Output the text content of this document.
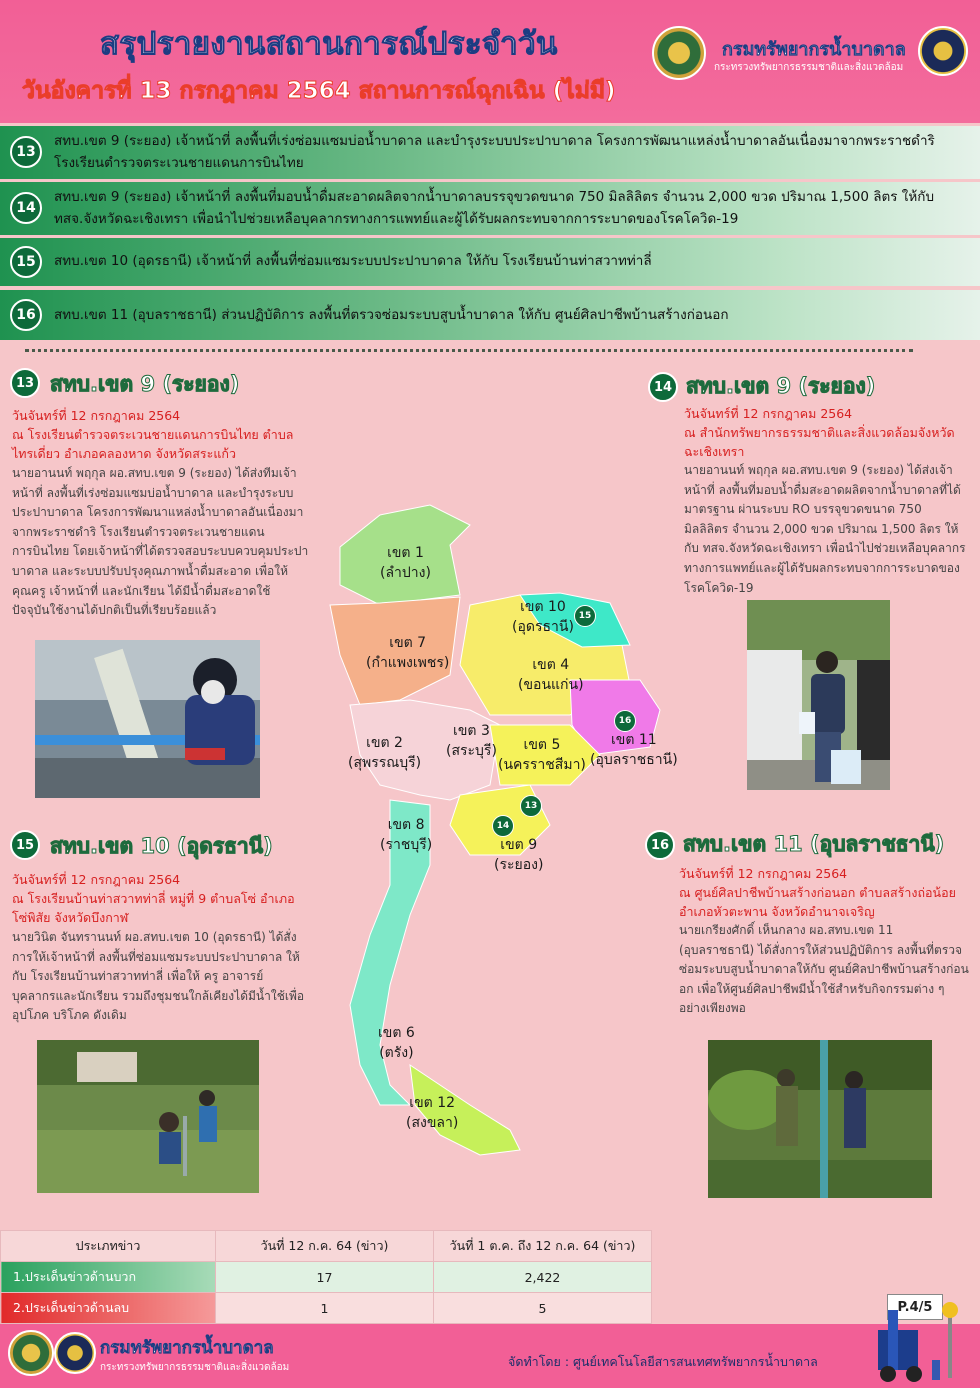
สรุปรายงานสถานการณ์ประจำวัน
วันอังคารที่ 13 กรกฎาคม 2564 สถานการณ์ฉุกเฉิน (ไม่มี)
กรมทรัพยากรน้ำบาดาล
กระทรวงทรัพยากรธรรมชาติและสิ่งแวดล้อม
13
สทบ.เขต 9 (ระยอง) เจ้าหน้าที่ ลงพื้นที่เร่งซ่อมแซมบ่อน้ำบาดาล และบำรุงระบบประปาบาดาล โครงการพัฒนาแหล่งน้ำบาดาลอันเนื่องมาจากพระราชดำริ โรงเรียนตำรวจตระเวนชายแดนการบินไทย
14
สทบ.เขต 9 (ระยอง) เจ้าหน้าที่ ลงพื้นที่มอบน้ำดื่มสะอาดผลิตจากน้ำบาดาลบรรจุขวดขนาด 750 มิลลิลิตร จำนวน 2,000 ขวด ปริมาณ 1,500 ลิตร ให้กับ ทสจ.จังหวัดฉะเชิงเทรา เพื่อนำไปช่วยเหลือบุคลากรทางการแพทย์และผู้ได้รับผลกระทบจากการระบาดของโรคโควิด-19
15	สทบ.เขต 10 (อุดรธานี) เจ้าหน้าที่ ลงพื้นที่ซ่อมแซมระบบประปาบาดาล ให้กับ โรงเรียนบ้านท่าสวาทท่าลี่
16	สทบ.เขต 11 (อุบลราชธานี) ส่วนปฏิบัติการ ลงพื้นที่ตรวจซ่อมระบบสูบน้ำบาดาล ให้กับ ศูนย์ศิลปาชีพบ้านสร้างก่อนอก
13 สทบ.เขต 9 (ระยอง)
วันจันทร์ที่ 12 กรกฎาคม 2564
ณ โรงเรียนตำรวจตระเวนชายแดนการบินไทย ตำบลไทรเดี่ยว อำเภอคลองหาด จังหวัดสระแก้ว
นายอานนท์ พฤกุล ผอ.สทบ.เขต 9 (ระยอง) ได้ส่งทีมเจ้าหน้าที่ ลงพื้นที่เร่งซ่อมแซมบ่อน้ำบาดาล และบำรุงระบบประปาบาดาล โครงการพัฒนาแหล่งน้ำบาดาลอันเนื่องมาจากพระราชดำริ โรงเรียนตำรวจตระเวนชายแดนการบินไทย โดยเจ้าหน้าที่ได้ตรวจสอบระบบควบคุมประปาบาดาล และระบบปรับปรุงคุณภาพน้ำดื่มสะอาด เพื่อให้คุณครู เจ้าหน้าที่ และนักเรียน ได้มีน้ำดื่มสะอาดใช้ ปัจจุบันใช้งานได้ปกติเป็นที่เรียบร้อยแล้ว
14 สทบ.เขต 9 (ระยอง)
วันจันทร์ที่ 12 กรกฎาคม 2564
ณ สำนักทรัพยากรธรรมชาติและสิ่งแวดล้อมจังหวัดฉะเชิงเทรา
นายอานนท์ พฤกุล ผอ.สทบ.เขต 9 (ระยอง) ได้ส่งเจ้าหน้าที่ ลงพื้นที่มอบน้ำดื่มสะอาดผลิตจากน้ำบาดาลที่ได้มาตรฐาน ผ่านระบบ RO บรรจุขวดขนาด 750 มิลลิลิตร จำนวน 2,000 ขวด ปริมาณ 1,500 ลิตร ให้กับ ทสจ.จังหวัดฉะเชิงเทรา เพื่อนำไปช่วยเหลือบุคลากรทางการแพทย์และผู้ได้รับผลกระทบจากการระบาดของโรคโควิด-19
15 สทบ.เขต 10 (อุดรธานี)
วันจันทร์ที่ 12 กรกฎาคม 2564
ณ โรงเรียนบ้านท่าสวาทท่าลี่ หมู่ที่ 9 ตำบลโซ่ อำเภอโซ่พิสัย จังหวัดบึงกาฬ
นายวินิต จันทรานนท์ ผอ.สทบ.เขต 10 (อุดรธานี) ได้สั่งการให้เจ้าหน้าที่ ลงพื้นที่ซ่อมแซมระบบประปาบาดาล ให้กับ โรงเรียนบ้านท่าสวาทท่าลี่ เพื่อให้ ครู อาจารย์ บุคลากรและนักเรียน รวมถึงชุมชนใกล้เคียงได้มีน้ำใช้เพื่ออุปโภค บริโภค ดังเดิม
16 สทบ.เขต 11 (อุบลราชธานี)
วันจันทร์ที่ 12 กรกฎาคม 2564
ณ ศูนย์ศิลปาชีพบ้านสร้างก่อนอก ตำบลสร้างถ่อน้อย อำเภอหัวตะพาน จังหวัดอำนาจเจริญ
นายเกรียงศักดิ์ เห็นกลาง ผอ.สทบ.เขต 11 (อุบลราชธานี) ได้สั่งการให้ส่วนปฏิบัติการ ลงพื้นที่ตรวจซ่อมระบบสูบน้ำบาดาลให้กับ ศูนย์ศิลปาชีพบ้านสร้างก่อนอก เพื่อให้ศูนย์ศิลปาชีพมีน้ำใช้สำหรับกิจกรรมต่าง ๆ อย่างเพียงพอ
เขต 1
(ลำปาง)
เขต 7
(กำแพงเพชร)
เขต 10
(อุดรธานี)
เขต 4
(ขอนแก่น)
เขต 11
(อุบลราชธานี)
เขต 2
(สุพรรณบุรี)
เขต 3
(สระบุรี)	เขต 5
(นครราชสีมา)
เขต 8
(ราชบุรี)	เขต 9
(ระยอง)
เขต 6
(ตรัง)
เขต 12
(สงขลา)
15
16
13
14
ประเภทข่าว	วันที่ 12 ก.ค. 64 (ข่าว)	วันที่ 1 ต.ค. ถึง 12 ก.ค. 64 (ข่าว)
1.ประเด็นข่าวด้านบวก	17	2,422
2.ประเด็นข่าวด้านลบ	1	5	P.4/5
กรมทรัพยากรน้ำบาดาล
กระทรวงทรัพยากรธรรมชาติและสิ่งแวดล้อม	จัดทำโดย : ศูนย์เทคโนโลยีสารสนเทศทรัพยากรน้ำบาดาล
